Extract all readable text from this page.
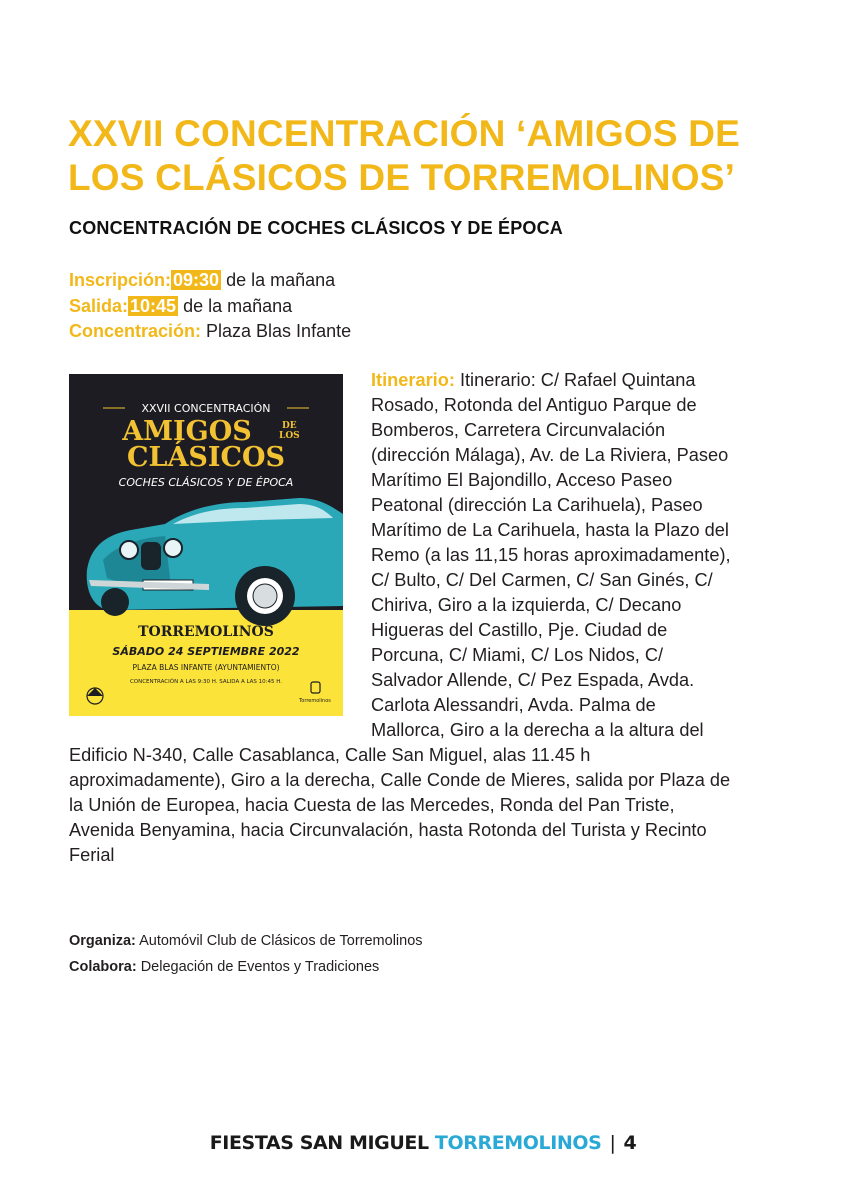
XXVII CONCENTRACIÓN ‘AMIGOS DE
LOS CLÁSICOS DE TORREMOLINOS’
CONCENTRACIÓN DE COCHES CLÁSICOS Y DE ÉPOCA
Inscripción: 09:30 de la mañana
Salida: 10:45 de la mañana
Concentración: Plaza Blas Infante

Itinerario: Itinerario: C/ Rafael Quintana Rosado, Rotonda del Antiguo Parque de Bomberos, Carretera Circunvalación (dirección Málaga), Av. de La Riviera, Paseo Marítimo El Bajondillo, Acceso Paseo Peatonal (dirección La Carihuela), Paseo Marítimo de La Carihuela, hasta la Plazo del Remo (a las 11,15 horas aproximadamente), C/ Bulto, C/ Del Carmen, C/ San Ginés, C/ Chiriva, Giro a la izquierda, C/ Decano Higueras del Castillo, Pje. Ciudad de Porcuna, C/ Miami, C/ Los Nidos, C/ Salvador Allende, C/ Pez Espada, Avda. Carlota Alessandri, Avda. Palma de Mallorca, Giro a la derecha a la altura del Edificio N-340, Calle Casablanca, Calle San Miguel, alas 11.45 h aproximadamente), Giro a la derecha, Calle Conde de Mieres, salida por Plaza de la Unión de Europea, hacia Cuesta de las Mercedes, Ronda del Pan Triste, Avenida Benyamina, hacia Circunvalación, hasta Rotonda del Turista y Recinto Ferial

XXVII CONCENTRACIÓN
AMIGOS	DE
LOS
CLÁSICOS
COCHES CLÁSICOS Y DE ÉPOCA
TORREMOLINOS
SÁBADO 24 SEPTIEMBRE 2022
PLAZA BLAS INFANTE (AYUNTAMIENTO)
CONCENTRACIÓN A LAS 9:30 H. SALIDA A LAS 10:45 H.
Torremolinos
Organiza: Automóvil Club de Clásicos de Torremolinos
Colabora: Delegación de Eventos y Tradiciones
FIESTAS SAN MIGUEL TORREMOLINOS | 4
